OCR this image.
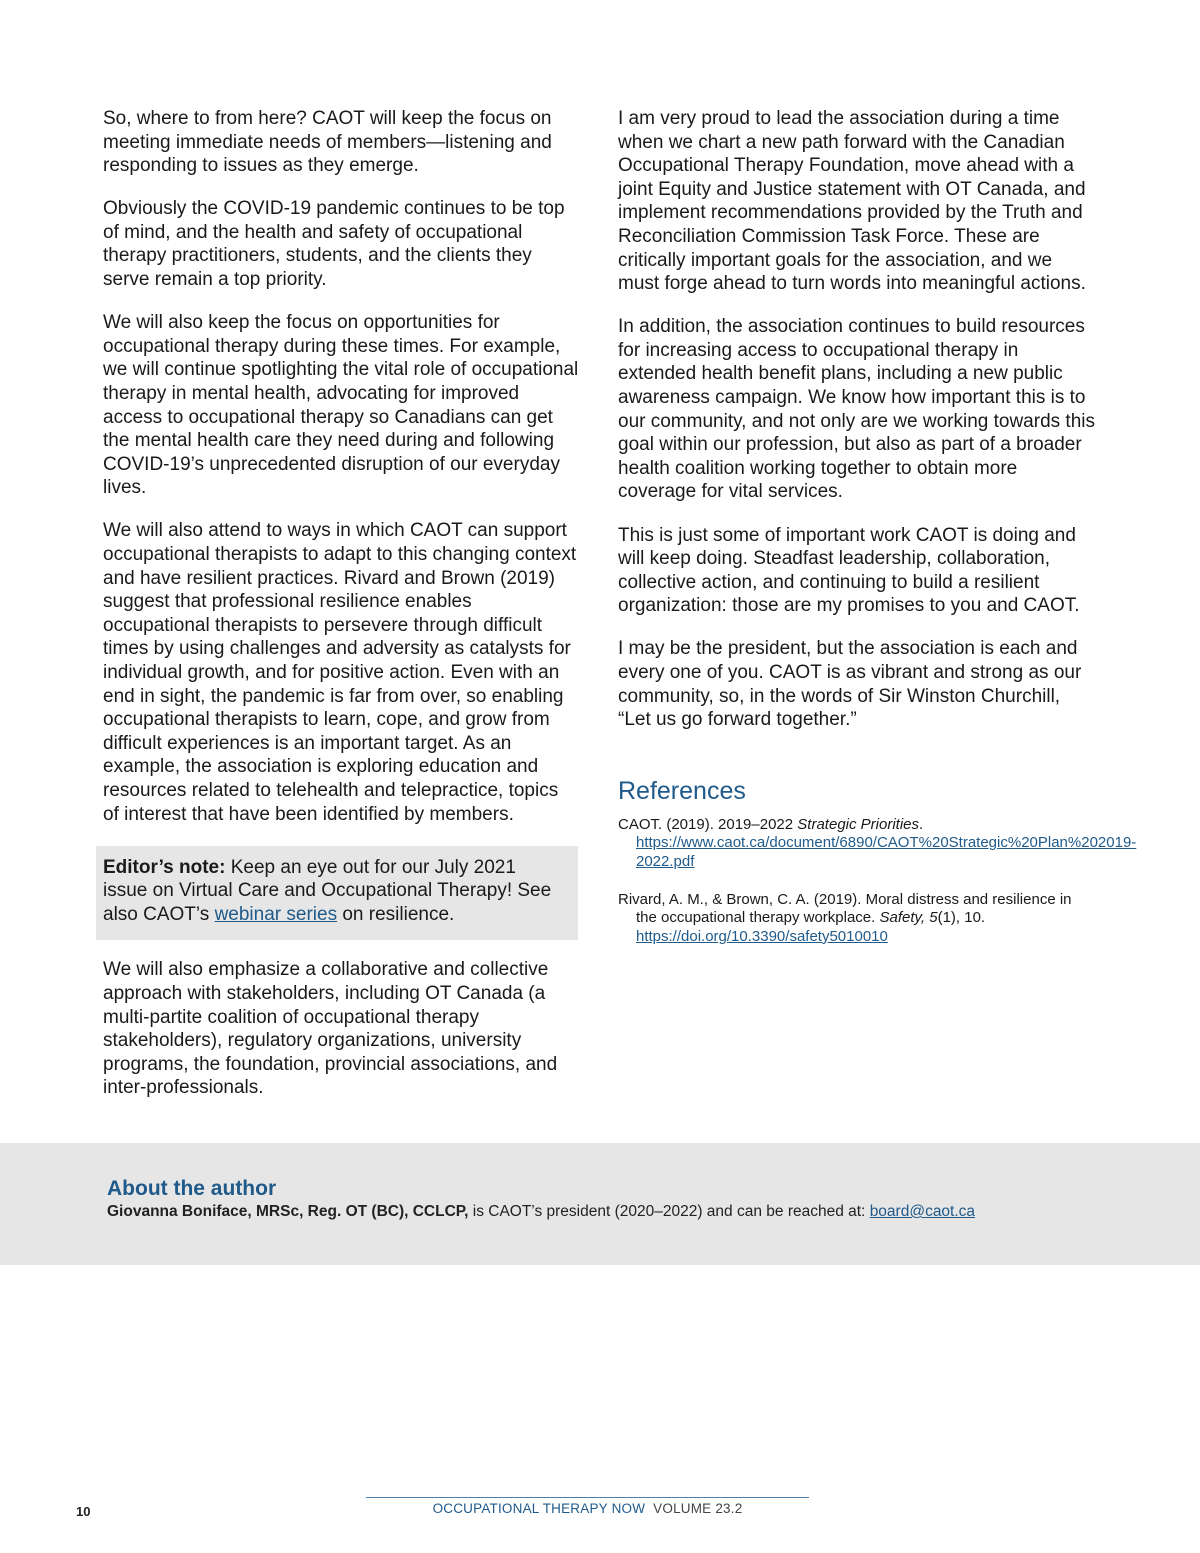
So, where to from here? CAOT will keep the focus on meeting immediate needs of members—listening and responding to issues as they emerge.

Obviously the COVID-19 pandemic continues to be top of mind, and the health and safety of occupational therapy practitioners, students, and the clients they serve remain a top priority.

We will also keep the focus on opportunities for occupational therapy during these times. For example, we will continue spotlighting the vital role of occupational therapy in mental health, advocating for improved access to occupational therapy so Canadians can get the mental health care they need during and following COVID-19’s unprecedented disruption of our everyday lives.

We will also attend to ways in which CAOT can support occupational therapists to adapt to this changing context and have resilient practices. Rivard and Brown (2019) suggest that professional resilience enables occupational therapists to persevere through difficult times by using challenges and adversity as catalysts for individual growth, and for positive action. Even with an end in sight, the pandemic is far from over, so enabling occupational therapists to learn, cope, and grow from difficult experiences is an important target. As an example, the association is exploring education and resources related to telehealth and telepractice, topics of interest that have been identified by members.

Editor’s note: Keep an eye out for our July 2021 issue on Virtual Care and Occupational Therapy! See also CAOT’s webinar series on resilience.

We will also emphasize a collaborative and collective approach with stakeholders, including OT Canada (a multi-partite coalition of occupational therapy stakeholders), regulatory organizations, university programs, the foundation, provincial associations, and inter-professionals.

I am very proud to lead the association during a time when we chart a new path forward with the Canadian Occupational Therapy Foundation, move ahead with a joint Equity and Justice statement with OT Canada, and implement recommendations provided by the Truth and Reconciliation Commission Task Force. These are critically important goals for the association, and we must forge ahead to turn words into meaningful actions.

In addition, the association continues to build resources for increasing access to occupational therapy in extended health benefit plans, including a new public awareness campaign. We know how important this is to our community, and not only are we working towards this goal within our profession, but also as part of a broader health coalition working together to obtain more coverage for vital services.

This is just some of important work CAOT is doing and will keep doing. Steadfast leadership, collaboration, collective action, and continuing to build a resilient organization: those are my promises to you and CAOT.

I may be the president, but the association is each and every one of you. CAOT is as vibrant and strong as our community, so, in the words of Sir Winston Churchill, “Let us go forward together.”

References

CAOT. (2019). 2019–2022 Strategic Priorities. https://www.caot.ca/document/6890/CAOT%20Strategic%20Plan%202019-2022.pdf

Rivard, A. M., & Brown, C. A. (2019). Moral distress and resilience in the occupational therapy workplace. Safety, 5(1), 10. https://doi.org/10.3390/safety5010010

About the author

Giovanna Boniface, MRSc, Reg. OT (BC), CCLCP, is CAOT’s president (2020–2022) and can be reached at: board@caot.ca

OCCUPATIONAL THERAPY NOW VOLUME 23.2
10
